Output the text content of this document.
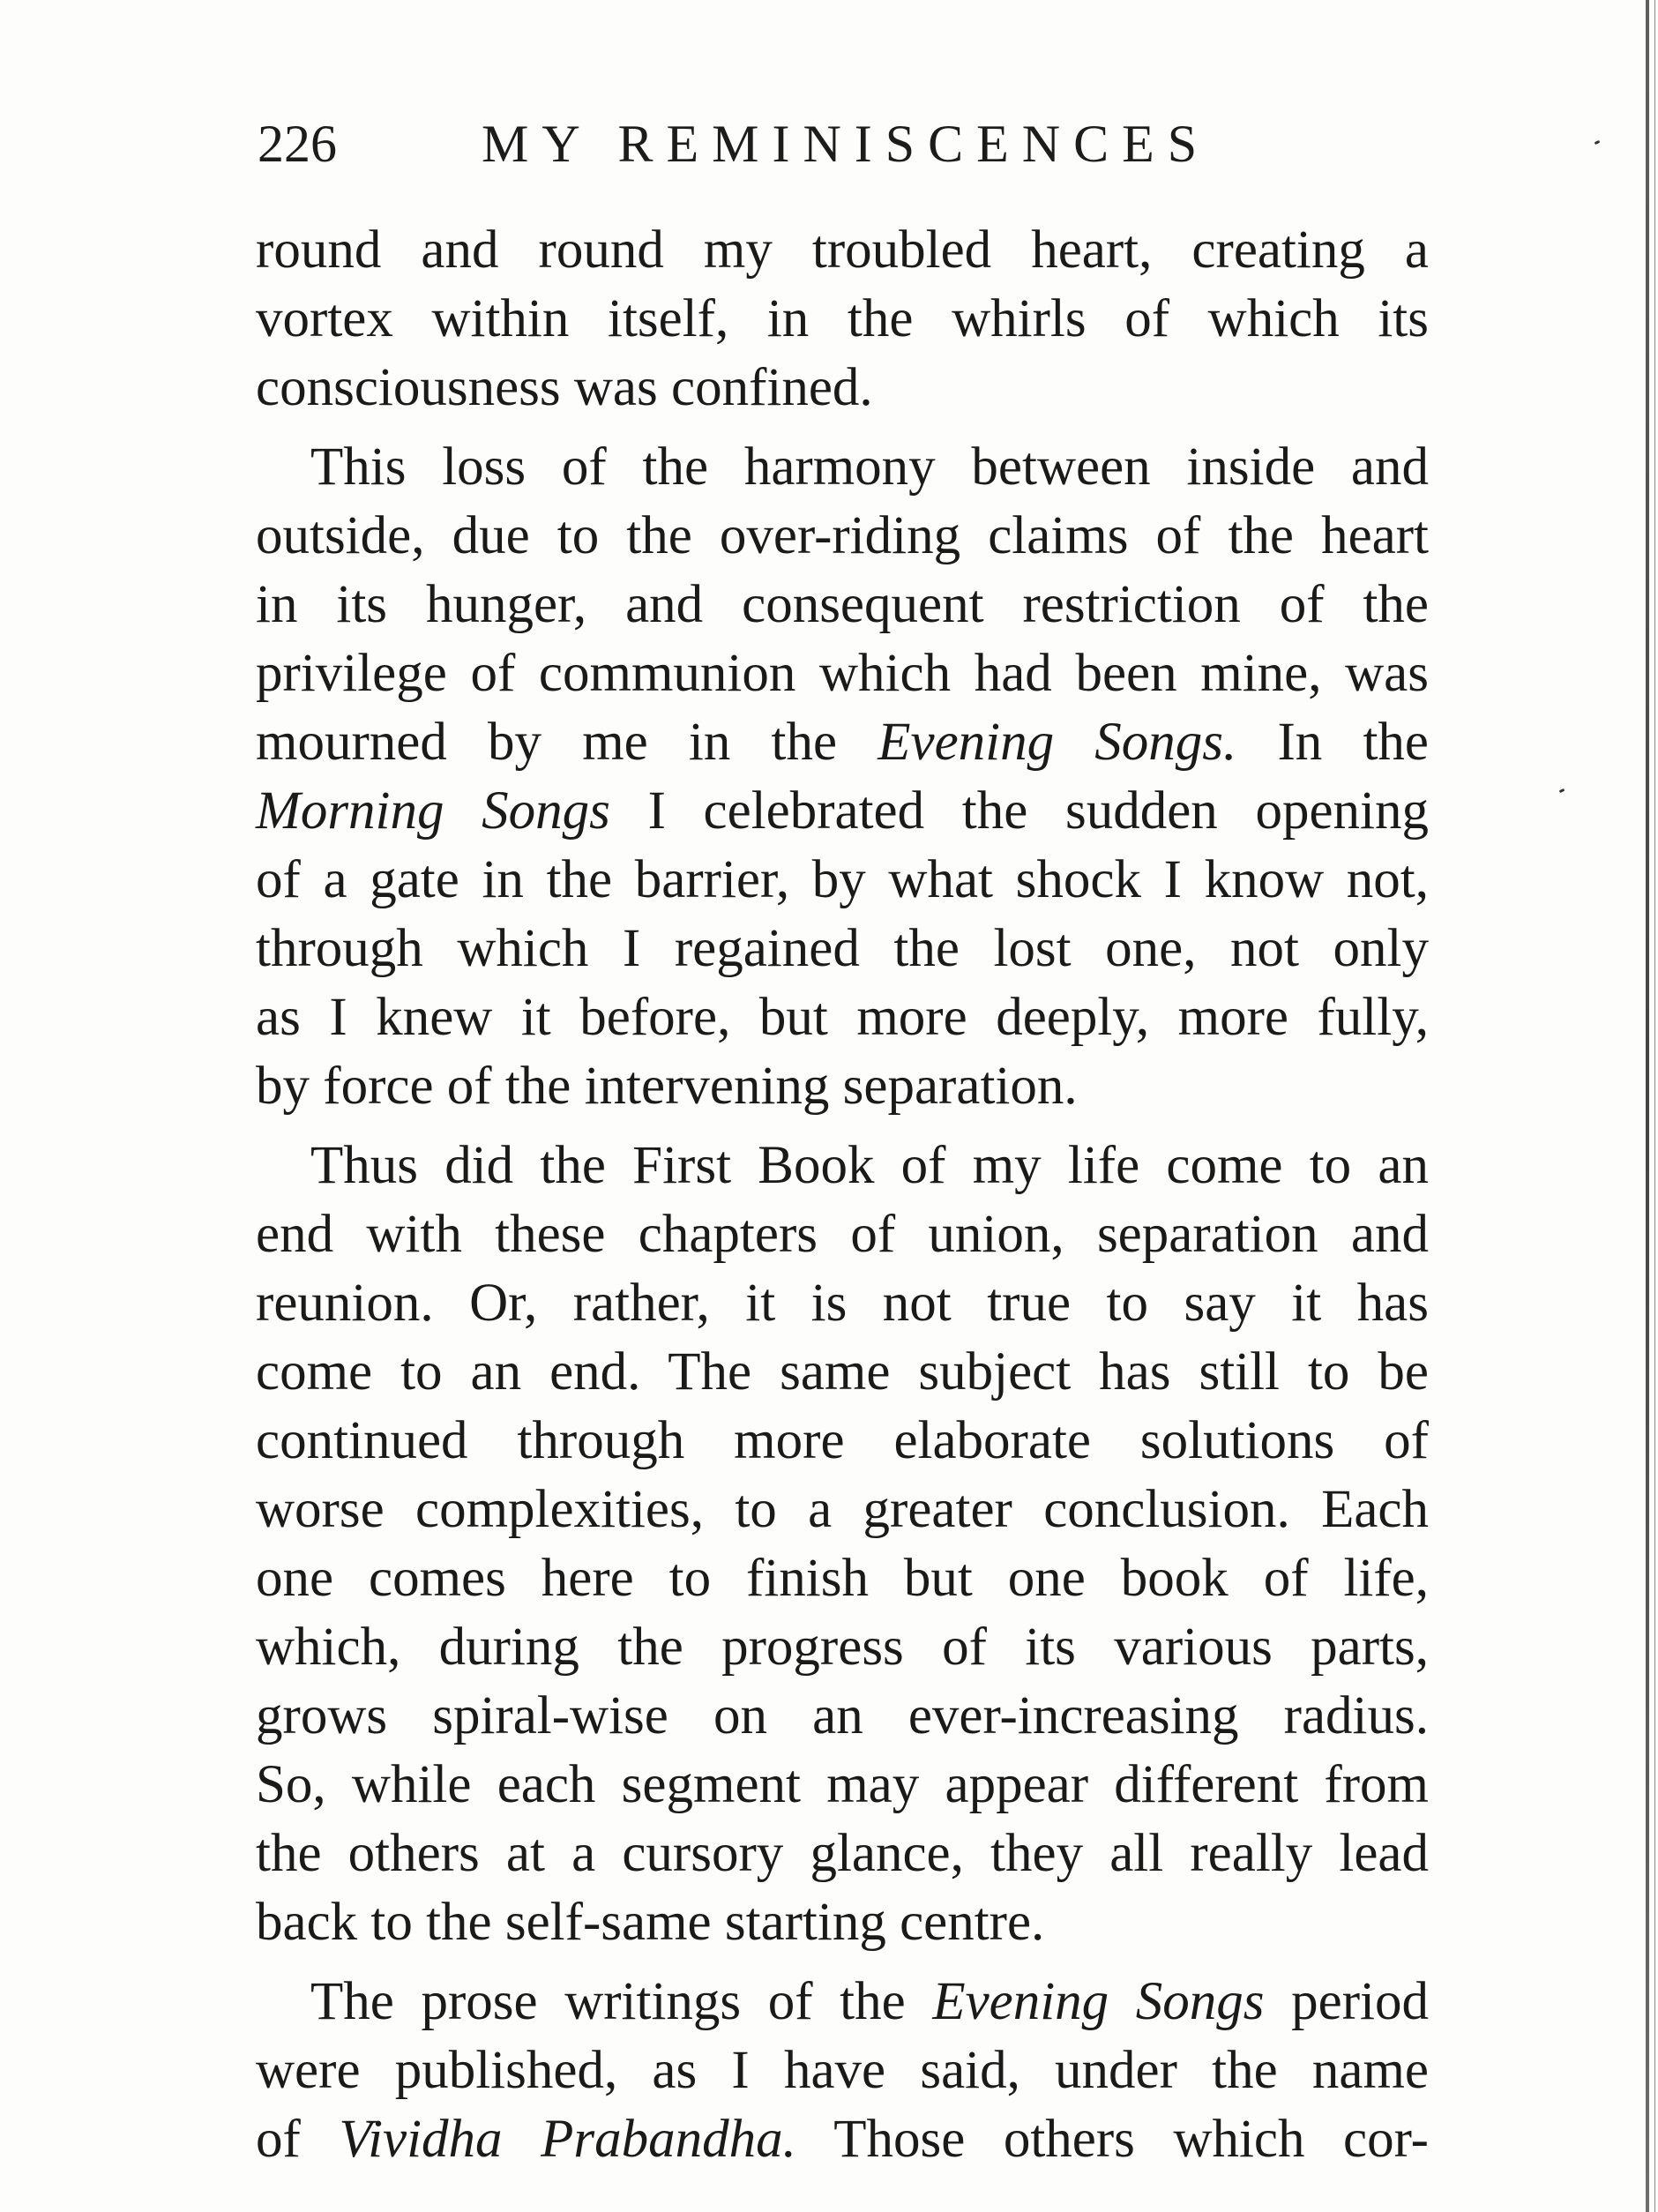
226	MY REMINISCENCES

round and round my troubled heart, creating a
vortex within itself, in the whirls of which its
consciousness was confined.

This loss of the harmony between inside and
outside, due to the over-riding claims of the heart
in its hunger, and consequent restriction of the
privilege of communion which had been mine, was
mourned by me in the Evening Songs. In the
Morning Songs I celebrated the sudden opening
of a gate in the barrier, by what shock I know not,
through which I regained the lost one, not only
as I knew it before, but more deeply, more fully,
by force of the intervening separation.

Thus did the First Book of my life come to an
end with these chapters of union, separation and
reunion. Or, rather, it is not true to say it has
come to an end. The same subject has still to be
continued through more elaborate solutions of
worse complexities, to a greater conclusion. Each
one comes here to finish but one book of life,
which, during the progress of its various parts,
grows spiral-wise on an ever-increasing radius.
So, while each segment may appear different from
the others at a cursory glance, they all really lead
back to the self-same starting centre.

The prose writings of the Evening Songs period
were published, as I have said, under the name
of Vividha Prabandha. Those others which cor-
